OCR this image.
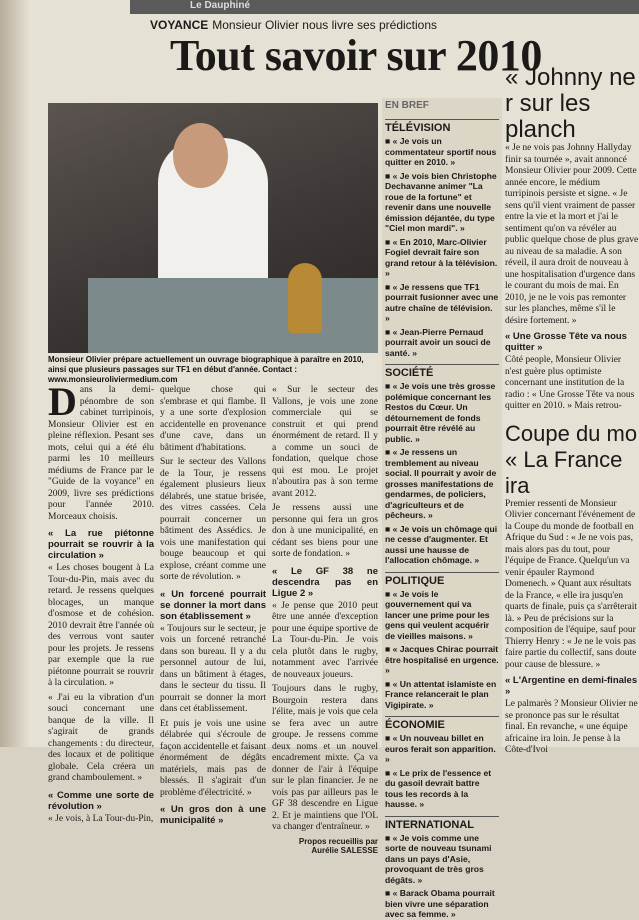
Le Dauphiné
VOYANCE Monsieur Olivier nous livre ses prédictions
Tout savoir sur 2010
Monsieur Olivier prépare actuellement un ouvrage biographique à paraître en 2010, ainsi que plusieurs passages sur TF1 en début d'année. Contact : www.monsieuroliviermedium.com

Dans la demi-pénombre de son cabinet turripinois, Monsieur Olivier est en pleine réflexion. Pesant ses mots, celui qui a été élu parmi les 10 meilleurs médiums de France par le "Guide de la voyance" en 2009, livre ses prédictions pour l'année 2010. Morceaux choisis.

« La rue piétonne pourrait se rouvrir à la circulation »

« Les choses bougent à La Tour-du-Pin, mais avec du retard. Je ressens quelques blocages, un manque d'osmose et de cohésion. 2010 devrait être l'année où des verrous vont sauter pour les projets. Je ressens par exemple que la rue piétonne pourrait se rouvrir à la circulation. »

« J'ai eu la vibration d'un souci concernant une banque de la ville. Il s'agirait de grands changements : du directeur, des locaux et de politique globale. Cela créera un grand chamboulement. »

« Comme une sorte de révolution »

« Je vois, à La Tour-du-Pin,

quelque chose qui s'embrase et qui flambe. Il y a une sorte d'explosion accidentelle en provenance d'une cave, dans un bâtiment d'habitations.

Sur le secteur des Vallons de la Tour, je ressens également plusieurs lieux délabrés, une statue brisée, des vitres cassées. Cela pourrait concerner un bâtiment des Assédics. Je vois une manifestation qui bouge beaucoup et qui explose, créant comme une sorte de révolution. »

« Un forcené pourrait se donner la mort dans son établissement »

« Toujours sur le secteur, je vois un forcené retranché dans son bureau. Il y a du personnel autour de lui, dans un bâtiment à étages, dans le secteur du tissu. Il pourrait se donner la mort dans cet établissement.

Et puis je vois une usine délabrée qui s'écroule de façon accidentelle et faisant énormément de dégâts matériels, mais pas de blessés. Il s'agirait d'un problème d'électricité. »

« Un gros don à une municipalité »

« Sur le secteur des Vallons, je vois une zone commerciale qui se construit et qui prend énormément de retard. Il y a comme un souci de fondation, quelque chose qui est mou. Le projet n'aboutira pas à son terme avant 2012.

Je ressens aussi une personne qui fera un gros don à une municipalité, en cédant ses biens pour une sorte de fondation. »

« Le GF 38 ne descendra pas en Ligue 2 »

« Je pense que 2010 peut être une année d'exception pour une équipe sportive de La Tour-du-Pin. Je vois cela plutôt dans le rugby, notamment avec l'arrivée de nouveaux joueurs.

Toujours dans le rugby, Bourgoin restera dans l'élite, mais je vois que cela se fera avec un autre groupe. Je ressens comme deux noms et un nouvel encadrement mixte. Ça va donner de l'air à l'équipe sur le plan financier. Je ne vois pas par ailleurs pas le GF 38 descendre en Ligue 2. Et je maintiens que l'OL va changer d'entraîneur. »

Propos recueillis par Aurélie SALESSE

EN BREF
TÉLÉVISION

■ « Je vois un commentateur sportif nous quitter en 2010. »

■ « Je vois bien Christophe Dechavanne animer "La roue de la fortune" et revenir dans une nouvelle émission déjantée, du type "Ciel mon mardi". »

■ « En 2010, Marc-Olivier Fogiel devrait faire son grand retour à la télévision. »

■ « Je ressens que TF1 pourrait fusionner avec une autre chaîne de télévision. »

■ « Jean-Pierre Pernaud pourrait avoir un souci de santé. »

SOCIÉTÉ

■ « Je vois une très grosse polémique concernant les Restos du Cœur. Un détournement de fonds pourrait être révélé au public. »

■ « Je ressens un tremblement au niveau social. Il pourrait y avoir de grosses manifestations de gendarmes, de policiers, d'agriculteurs et de pêcheurs. »

■ « Je vois un chômage qui ne cesse d'augmenter. Et aussi une hausse de l'allocation chômage. »

POLITIQUE

■ « Je vois le gouvernement qui va lancer une prime pour les gens qui veulent acquérir de vieilles maisons. »

■ « Jacques Chirac pourrait être hospitalisé en urgence. »

■ « Un attentat islamiste en France relancerait le plan Vigipirate. »

ÉCONOMIE

■ « Un nouveau billet en euros ferait son apparition. »

■ « Le prix de l'essence et du gasoil devrait battre tous les records à la hausse. »

INTERNATIONAL

■ « Je vois comme une sorte de nouveau tsunami dans un pays d'Asie, provoquant de très gros dégâts. »

■ « Barack Obama pourrait bien vivre une séparation avec sa femme. »

« Johnny ne r sur les planch

« Je ne vois pas Johnny Hallyday finir sa tournée », avait annoncé Monsieur Olivier pour 2009. Cette année encore, le médium turripinois persiste et signe. « Je sens qu'il vient vraiment de passer entre la vie et la mort et j'ai le sentiment qu'on va révéler au public quelque chose de plus grave au niveau de sa maladie. A son réveil, il aura droit de nouveau à une hospitalisation d'urgence dans le courant du mois de mai. En 2010, je ne le vois pas remonter sur les planches, même s'il le désire fortement. »

« Une Grosse Tête va nous quitter »

Côté people, Monsieur Olivier n'est guère plus optimiste concernant une institution de la radio : « Une Grosse Tête va nous quitter en 2010. » Mais retrou-

Coupe du mo « La France ira

Premier ressenti de Monsieur Olivier concernant l'événement de la Coupe du monde de football en Afrique du Sud : « Je ne vois pas, mais alors pas du tout, pour l'équipe de France. Quelqu'un va venir épauler Raymond Domenech. » Quant aux résultats de la France, « elle ira jusqu'en quarts de finale, puis ça s'arrêterait là. » Peu de précisions sur la composition de l'équipe, sauf pour Thierry Henry : « Je ne le vois pas faire partie du collectif, sans doute pour cause de blessure. »

« L'Argentine en demi-finales »

Le palmarès ? Monsieur Olivier ne se prononce pas sur le résultat final. En revanche, « une équipe africaine ira loin. Je pense à la Côte-d'Ivoi
